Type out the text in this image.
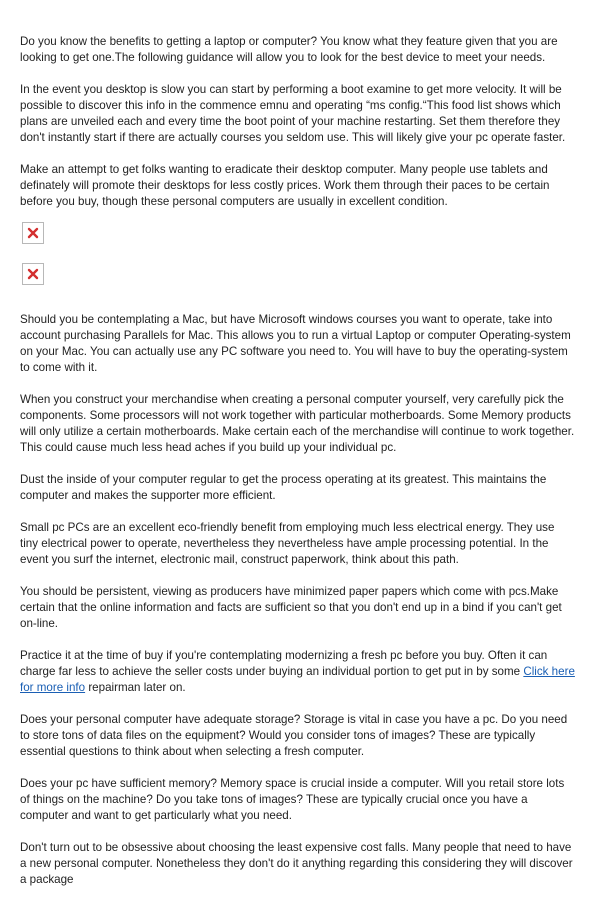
Do you know the benefits to getting a laptop or computer? You know what they feature given that you are looking to get one.The following guidance will allow you to look for the best device to meet your needs.

In the event you desktop is slow you can start by performing a boot examine to get more velocity. It will be possible to discover this info in the commence emnu and operating “ms config.“This food list shows which plans are unveiled each and every time the boot point of your machine restarting. Set them therefore they don't instantly start if there are actually courses you seldom use. This will likely give your pc operate faster.

Make an attempt to get folks wanting to eradicate their desktop computer. Many people use tablets and definately will promote their desktops for less costly prices. Work them through their paces to be certain before you buy, though these personal computers are usually in excellent condition.

Should you be contemplating a Mac, but have Microsoft windows courses you want to operate, take into account purchasing Parallels for Mac. This allows you to run a virtual Laptop or computer Operating-system on your Mac. You can actually use any PC software you need to. You will have to buy the operating-system to come with it.

When you construct your merchandise when creating a personal computer yourself, very carefully pick the components. Some processors will not work together with particular motherboards. Some Memory products will only utilize a certain motherboards. Make certain each of the merchandise will continue to work together. This could cause much less head aches if you build up your individual pc.

Dust the inside of your computer regular to get the process operating at its greatest. This maintains the computer and makes the supporter more efficient.

Small pc PCs are an excellent eco-friendly benefit from employing much less electrical energy. They use tiny electrical power to operate, nevertheless they nevertheless have ample processing potential. In the event you surf the internet, electronic mail, construct paperwork, think about this path.

You should be persistent, viewing as producers have minimized paper papers which come with pcs.Make certain that the online information and facts are sufficient so that you don't end up in a bind if you can't get on-line.

Practice it at the time of buy if you're contemplating modernizing a fresh pc before you buy. Often it can charge far less to achieve the seller costs under buying an individual portion to get put in by some Click here for more info repairman later on.

Does your personal computer have adequate storage? Storage is vital in case you have a pc. Do you need to store tons of data files on the equipment? Would you consider tons of images? These are typically essential questions to think about when selecting a fresh computer.

Does your pc have sufficient memory? Memory space is crucial inside a computer. Will you retail store lots of things on the machine? Do you take tons of images? These are typically crucial once you have a computer and want to get particularly what you need.

Don't turn out to be obsessive about choosing the least expensive cost falls. Many people that need to have a new personal computer. Nonetheless they don't do it anything regarding this considering they will discover a package
